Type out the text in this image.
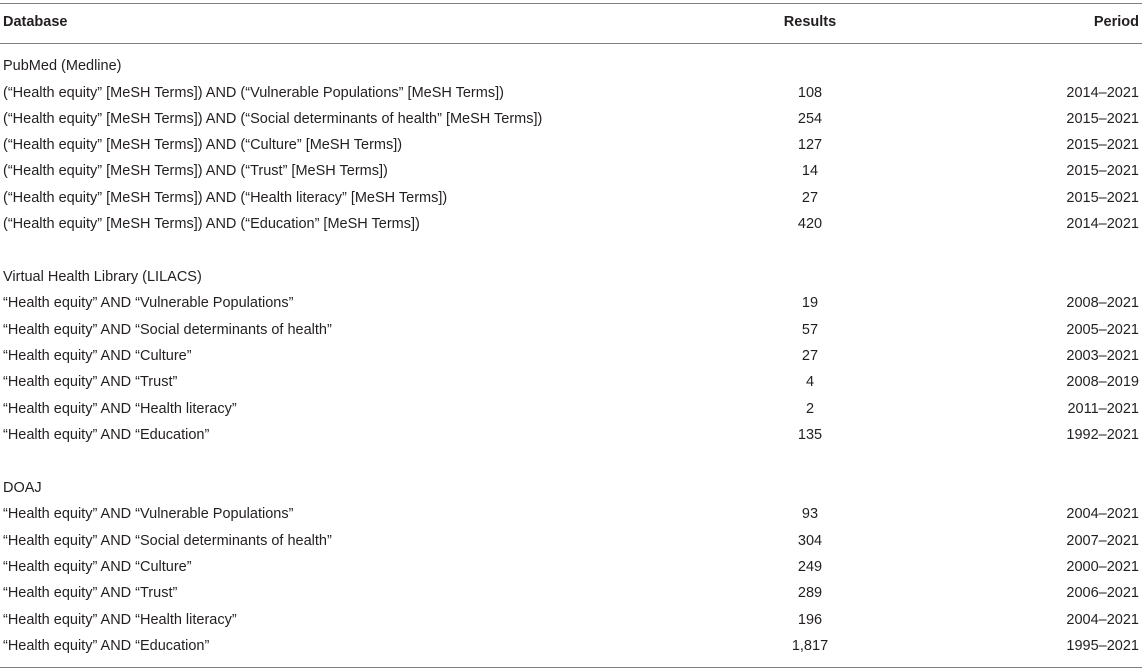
Database	Results	Period
PubMed (Medline)
(“Health equity” [MeSH Terms]) AND (“Vulnerable Populations” [MeSH Terms])	108	2014–2021
(“Health equity” [MeSH Terms]) AND (“Social determinants of health” [MeSH Terms])	254	2015–2021
(“Health equity” [MeSH Terms]) AND (“Culture” [MeSH Terms])	127	2015–2021
(“Health equity” [MeSH Terms]) AND (“Trust” [MeSH Terms])	14	2015–2021
(“Health equity” [MeSH Terms]) AND (“Health literacy” [MeSH Terms])	27	2015–2021
(“Health equity” [MeSH Terms]) AND (“Education” [MeSH Terms])	420	2014–2021
Virtual Health Library (LILACS)
“Health equity” AND “Vulnerable Populations”	19	2008–2021
“Health equity” AND “Social determinants of health”	57	2005–2021
“Health equity” AND “Culture”	27	2003–2021
“Health equity” AND “Trust”	4	2008–2019
“Health equity” AND “Health literacy”	2	2011–2021
“Health equity” AND “Education”	135	1992–2021
DOAJ
“Health equity” AND “Vulnerable Populations”	93	2004–2021
“Health equity” AND “Social determinants of health”	304	2007–2021
“Health equity” AND “Culture”	249	2000–2021
“Health equity” AND “Trust”	289	2006–2021
“Health equity” AND “Health literacy”	196	2004–2021
“Health equity” AND “Education”	1,817	1995–2021
